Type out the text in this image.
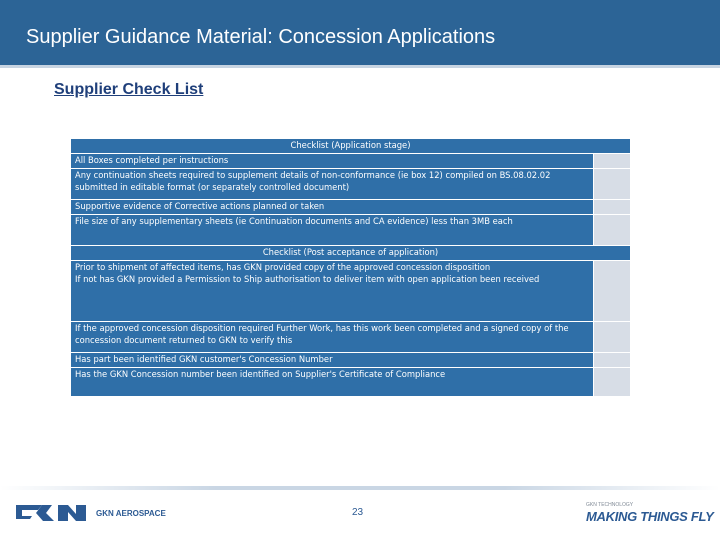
Supplier Guidance Material: Concession Applications
Supplier Check List
Checklist (Application stage)	
All Boxes completed per instructions	
Any continuation sheets required to supplement details of non-conformance (ie box 12) compiled on BS.08.02.02 submitted in editable format (or separately controlled document)	
Supportive evidence of Corrective actions planned or taken	
File size of any supplementary sheets (ie Continuation documents and CA evidence) less than 3MB each	
Checklist (Post acceptance of application)	
Prior to shipment of affected items, has GKN provided copy of the approved concession disposition
If not has GKN provided a Permission to Ship authorisation to deliver item with open application been received	
If the approved concession disposition required Further Work, has this work been completed and a signed copy of the concession document returned to GKN to verify this	
Has part been identified GKN customer's Concession Number	
Has the GKN Concession number been identified on Supplier's Certificate of Compliance	
GKN AEROSPACE	23
GKN TECHNOLOGY
MAKING THINGS FLY
